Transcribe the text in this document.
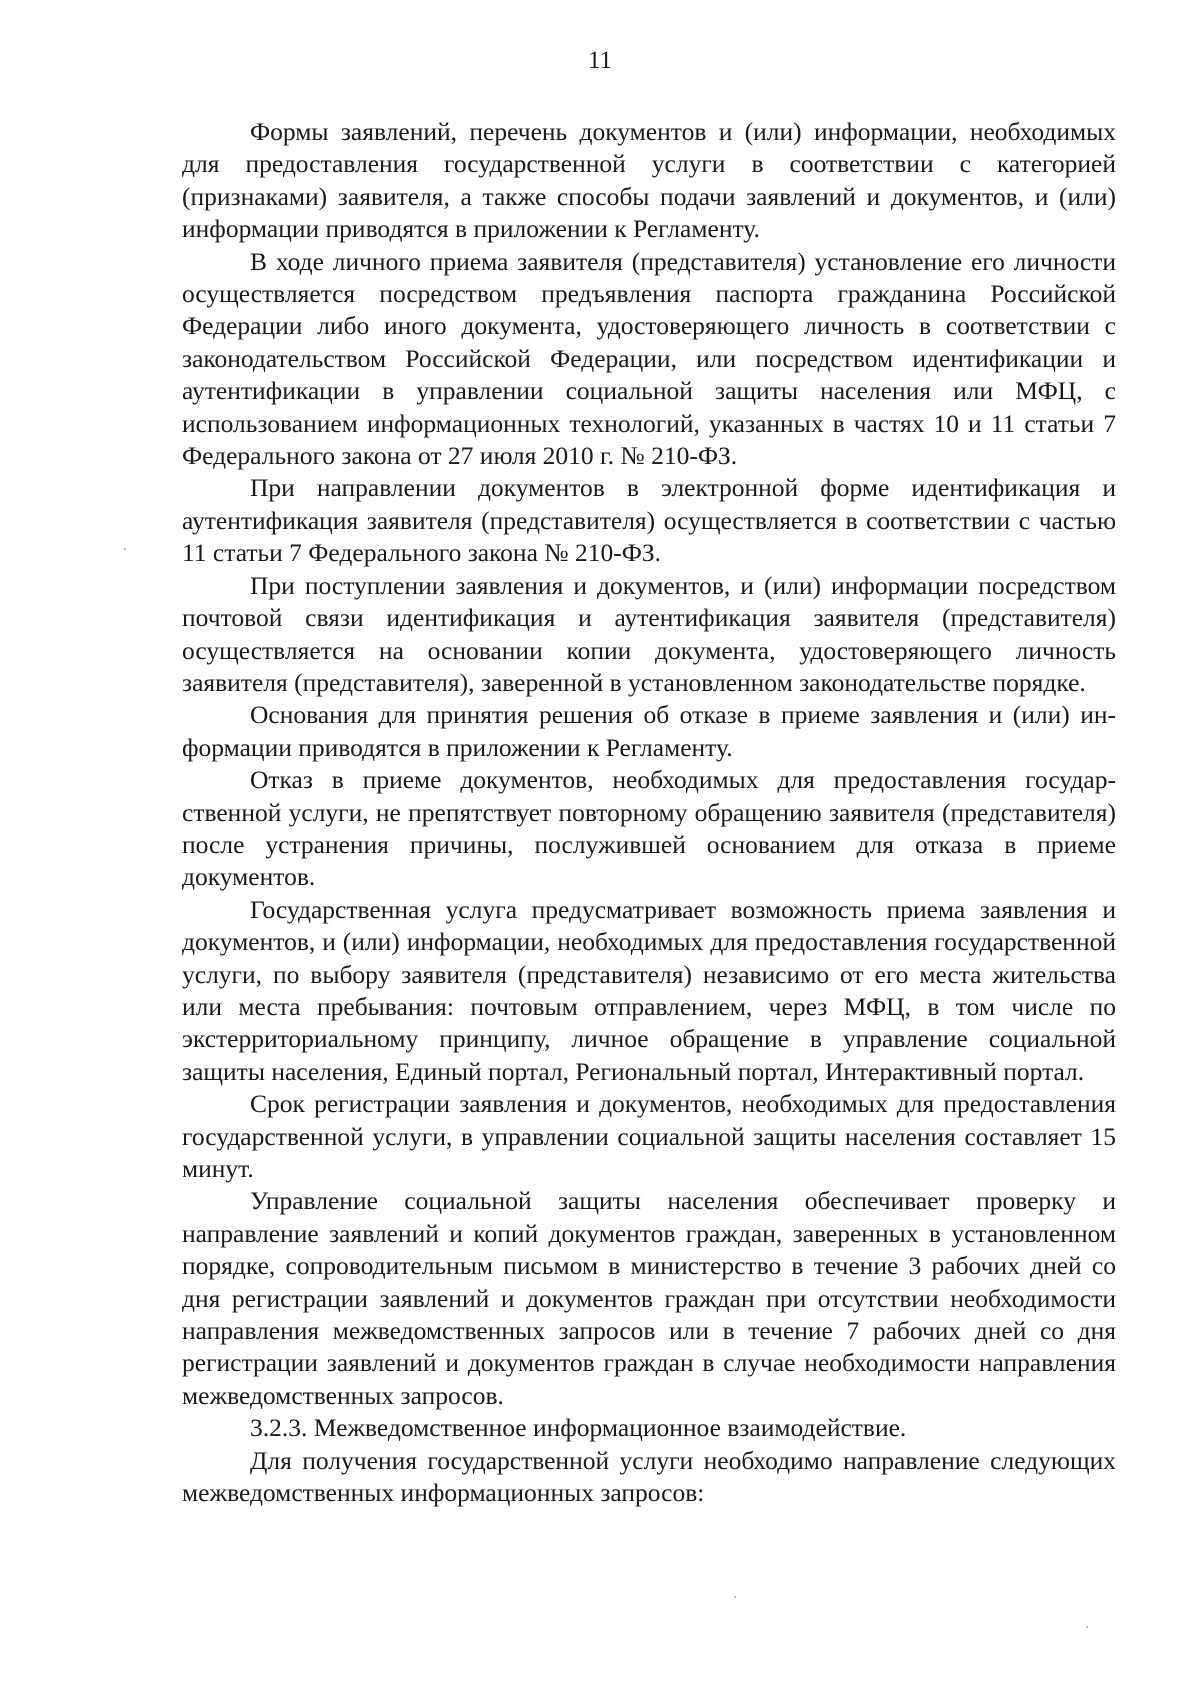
11

Формы заявлений, перечень документов и (или) информации, необходимых для предоставления государственной услуги в соответствии с категорией (признаками) заявителя, а также способы подачи заявлений и документов, и (или) информации приводятся в приложении к Регламенту.

В ходе личного приема заявителя (представителя) установление его личности осуществляется посредством предъявления паспорта гражданина Российской Федерации либо иного документа, удостоверяющего личность в соответствии с законодательством Российской Федерации, или посредством идентификации и аутентификации в управлении социальной защиты населения или МФЦ, с использованием информационных технологий, указанных в частях 10 и 11 статьи 7 Федерального закона от 27 июля 2010 г. № 210-ФЗ.

При направлении документов в электронной форме идентификация и аутентификация заявителя (представителя) осуществляется в соответствии с частью 11 статьи 7 Федерального закона № 210-ФЗ.

При поступлении заявления и документов, и (или) информации посредством почтовой связи идентификация и аутентификация заявителя (представителя) осуществляется на основании копии документа, удостоверяющего личность заявителя (представителя), заверенной в установленном законодательстве порядке.

Основания для принятия решения об отказе в приеме заявления и (или) информации приводятся в приложении к Регламенту.

Отказ в приеме документов, необходимых для предоставления государственной услуги, не препятствует повторному обращению заявителя (представителя) после устранения причины, послужившей основанием для отказа в приеме документов.

Государственная услуга предусматривает возможность приема заявления и документов, и (или) информации, необходимых для предоставления государственной услуги, по выбору заявителя (представителя) независимо от его места жительства или места пребывания: почтовым отправлением, через МФЦ, в том числе по экстерриториальному принципу, личное обращение в управление социальной защиты населения, Единый портал, Региональный портал, Интерактивный портал.

Срок регистрации заявления и документов, необходимых для предоставления государственной услуги, в управлении социальной защиты населения составляет 15 минут.

Управление социальной защиты населения обеспечивает проверку и направление заявлений и копий документов граждан, заверенных в установленном порядке, сопроводительным письмом в министерство в течение 3 рабочих дней со дня регистрации заявлений и документов граждан при отсутствии необходимости направления межведомственных запросов или в течение 7 рабочих дней со дня регистрации заявлений и документов граждан в случае необходимости направления межведомственных запросов.

3.2.3. Межведомственное информационное взаимодействие.

Для получения государственной услуги необходимо направление следующих межведомственных информационных запросов:
